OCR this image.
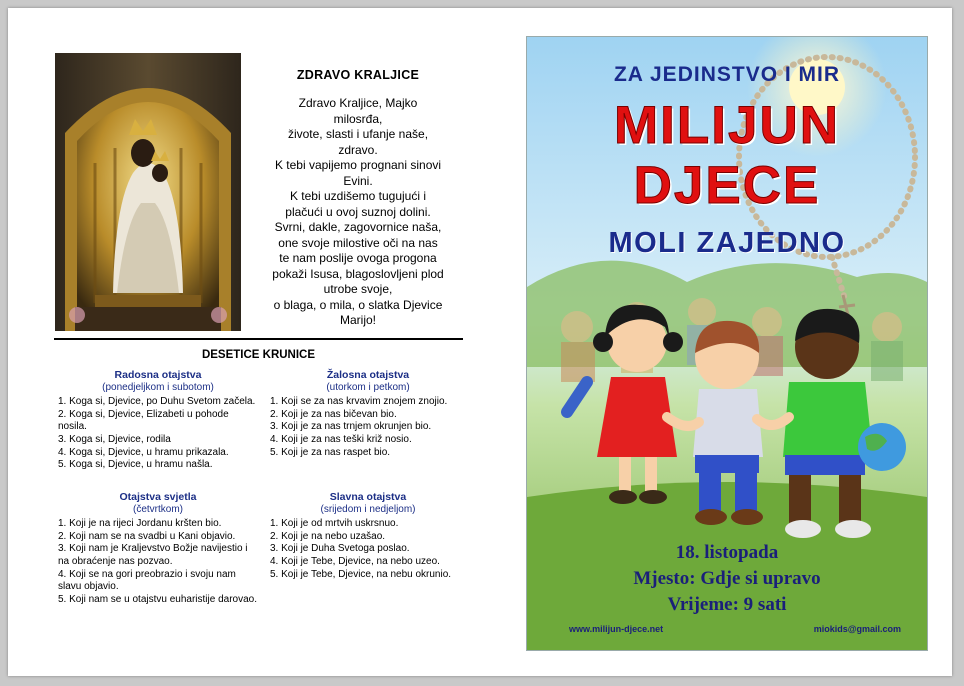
ZDRAVO KRALJICE
Zdravo Kraljice, Majko
milosrđa,
živote, slasti i ufanje naše,
zdravo.
K tebi vapijemo prognani sinovi
Evini.
K tebi uzdišemo tugujući i
plačući u ovoj suznoj dolini.
Svrni, dakle, zagovornice naša,
one svoje milostive oči na nas
te nam poslije ovoga progona
pokaži Isusa, blagoslovljeni plod
utrobe svoje,
o blaga, o mila, o slatka Djevice
Marijo!
DESETICE KRUNICE
Radosna otajstva
(ponedjeljkom i subotom)
1. Koga si, Djevice, po Duhu Svetom začela.
2. Koga si, Djevice, Elizabeti u pohode nosila.
3. Koga si, Djevice, rodila
4. Koga si, Djevice, u hramu prikazala.
5. Koga si, Djevice, u hramu našla.
Žalosna otajstva
(utorkom i petkom)
1. Koji se za nas krvavim znojem znojio.
2. Koji je za nas bičevan bio.
3. Koji je za nas trnjem okrunjen bio.
4. Koji je za nas teški križ nosio.
5. Koji je za nas raspet bio.
Otajstva svjetla
(četvrtkom)
1. Koji je na rijeci Jordanu kršten bio.
2. Koji nam se na svadbi u Kani objavio.
3. Koji nam je Kraljevstvo Božje navijestio i na obraćenje nas pozvao.
4. Koji se na gori preobrazio i svoju nam slavu objavio.
5. Koji nam se u otajstvu euharistije darovao.
Slavna otajstva
(srijedom i nedjeljom)
1. Koji je od mrtvih uskrsnuo.
2. Koji je na nebo uzašao.
3. Koji je Duha Svetoga poslao.
4. Koji je Tebe, Djevice, na nebo uzeo.
5. Koji je Tebe, Djevice, na nebu okrunio.
ZA JEDINSTVO I MIR
MILIJUN
DJECE
MOLI ZAJEDNO
18. listopada
Mjesto: Gdje si upravo
Vrijeme: 9 sati
www.milijun-djece.net	miokids@gmail.com
